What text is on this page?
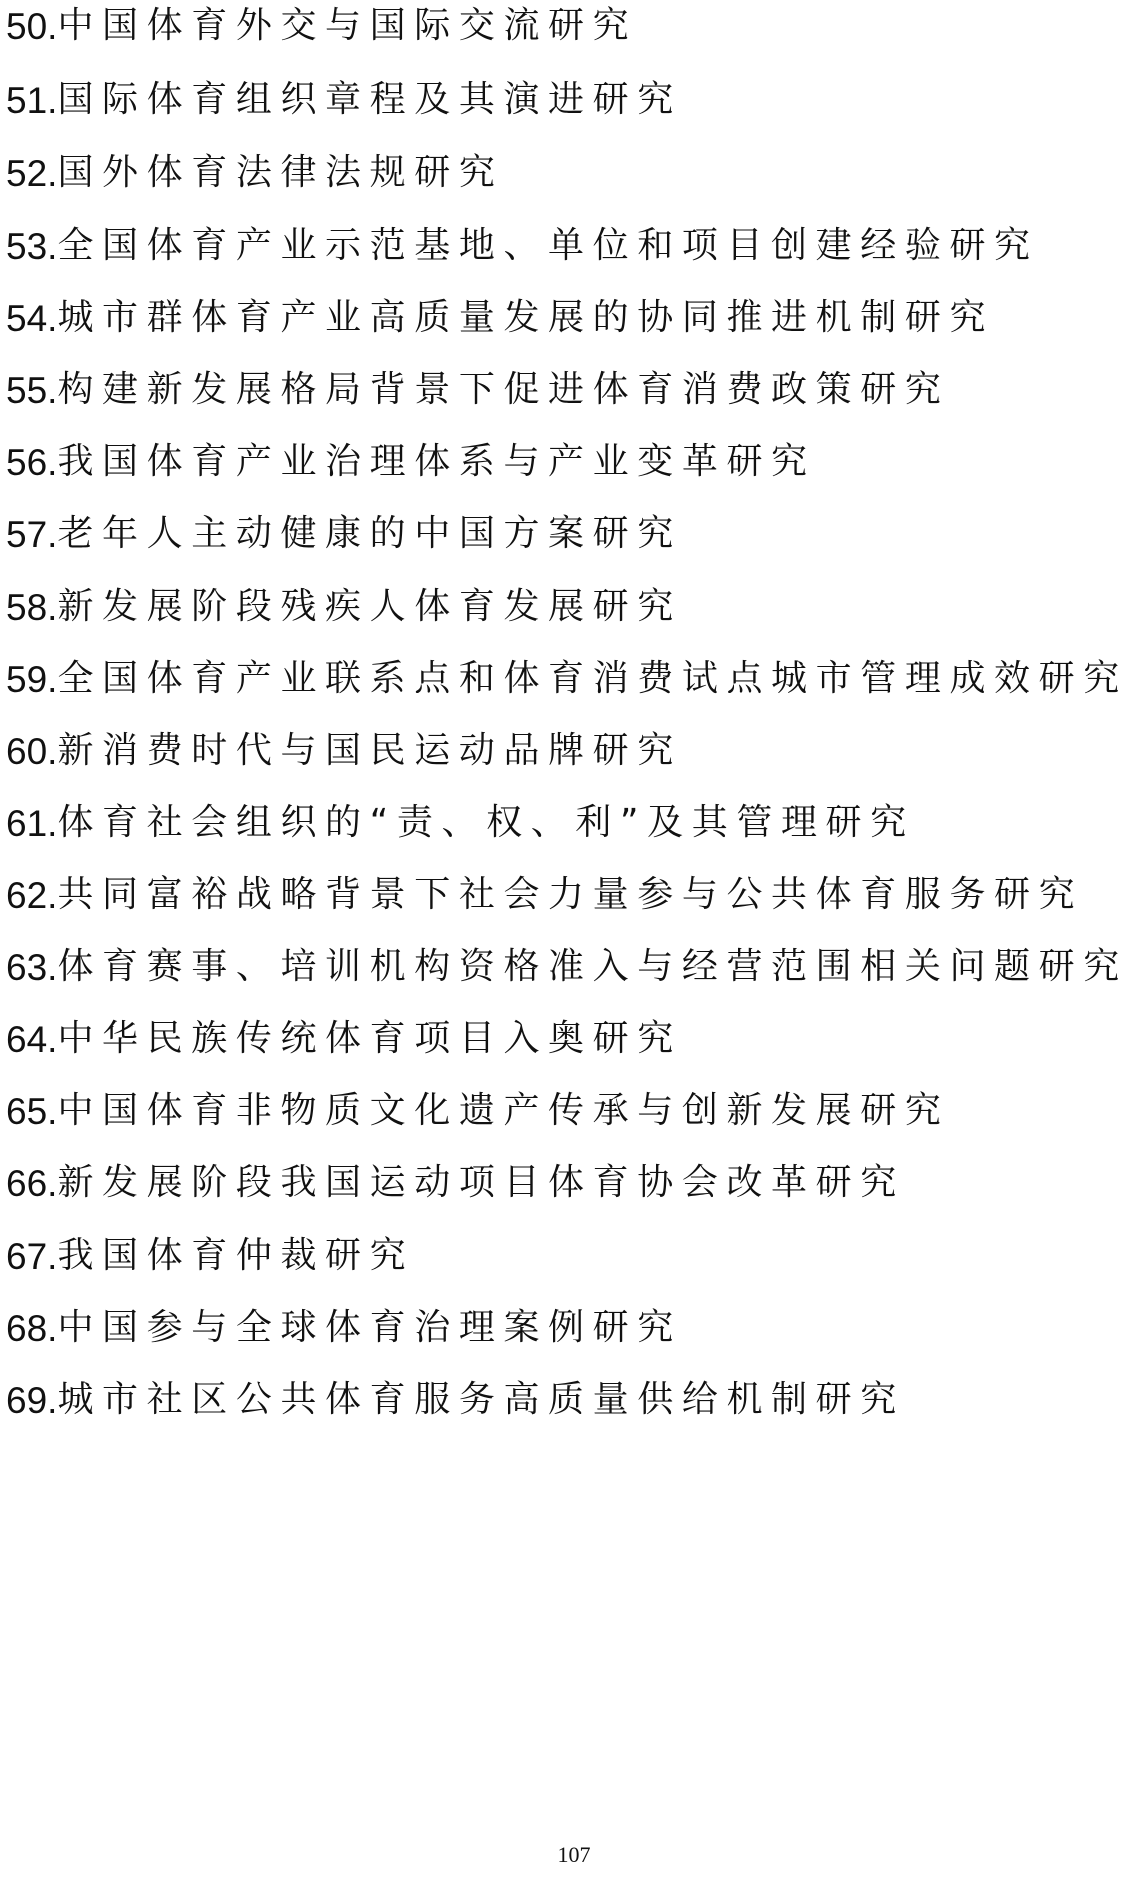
50. 中国体育外交与国际交流研究
51. 国际体育组织章程及其演进研究
52. 国外体育法律法规研究
53. 全国体育产业示范基地、单位和项目创建经验研究
54. 城市群体育产业高质量发展的协同推进机制研究
55. 构建新发展格局背景下促进体育消费政策研究
56. 我国体育产业治理体系与产业变革研究
57. 老年人主动健康的中国方案研究
58. 新发展阶段残疾人体育发展研究
59. 全国体育产业联系点和体育消费试点城市管理成效研究
60. 新消费时代与国民运动品牌研究
61. 体育社会组织的“责、权、利”及其管理研究
62. 共同富裕战略背景下社会力量参与公共体育服务研究
63. 体育赛事、培训机构资格准入与经营范围相关问题研究
64. 中华民族传统体育项目入奥研究
65. 中国体育非物质文化遗产传承与创新发展研究
66. 新发展阶段我国运动项目体育协会改革研究
67. 我国体育仲裁研究
68. 中国参与全球体育治理案例研究
69. 城市社区公共体育服务高质量供给机制研究
107
